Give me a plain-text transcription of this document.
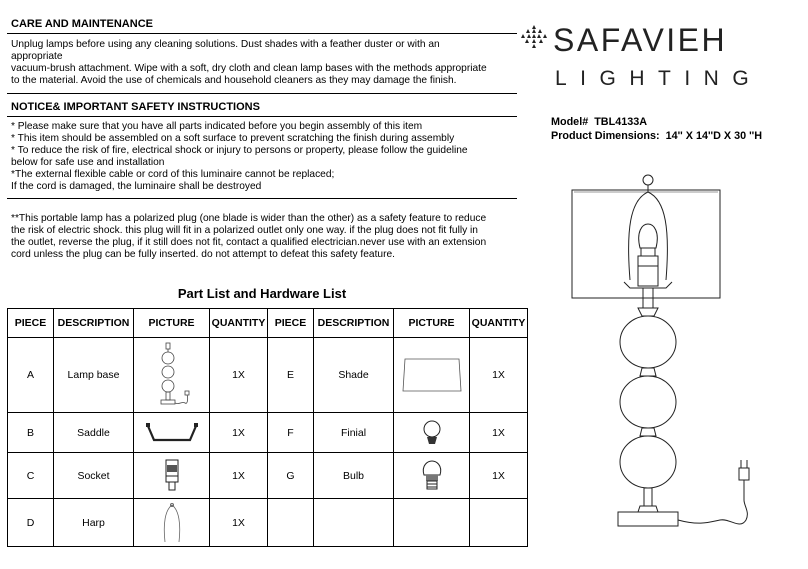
CARE AND MAINTENANCE
Unplug lamps before using any cleaning solutions. Dust shades with a feather duster or with an
appropriate
vacuum-brush attachment. Wipe with a soft, dry cloth and clean lamp bases with the methods appropriate
to the material. Avoid the use of chemicals and household cleaners as they may damage the finish.
NOTICE& IMPORTANT SAFETY INSTRUCTIONS
* Please make sure that you have all parts indicated before you begin assembly of this item
* This item should be assembled on a soft surface to prevent scratching the finish during assembly
* To reduce the risk of fire, electrical shock or injury to persons or property, please follow the guideline
below for safe use and installation
*The external flexible cable or cord of this luminaire cannot be replaced;
If the cord is damaged, the luminaire shall be destroyed
**This portable lamp has a polarized plug (one blade is wider than the other) as a safety feature to reduce
the risk of electric shock. this plug will fit in a polarized outlet only one way. if the plug does not fit fully in
the outlet, reverse the plug, if it still does not fit, contact a qualified electrician.never use with an extension
cord unless the plug can be fully inserted. do not attempt to defeat this safety feature.
SAFAVIEH
LIGHTING
Model# TBL4133A
Product Dimensions: 14'' X 14''D X 30 ''H
Part List and Hardware List
PIECE	DESCRIPTION	PICTURE	QUANTITY	PIECE	DESCRIPTION	PICTURE	QUANTITY
A	Lamp base		1X	E	Shade		1X
B	Saddle		1X	F	Finial		1X
C	Socket		1X	G	Bulb		1X
D	Harp		1X				
